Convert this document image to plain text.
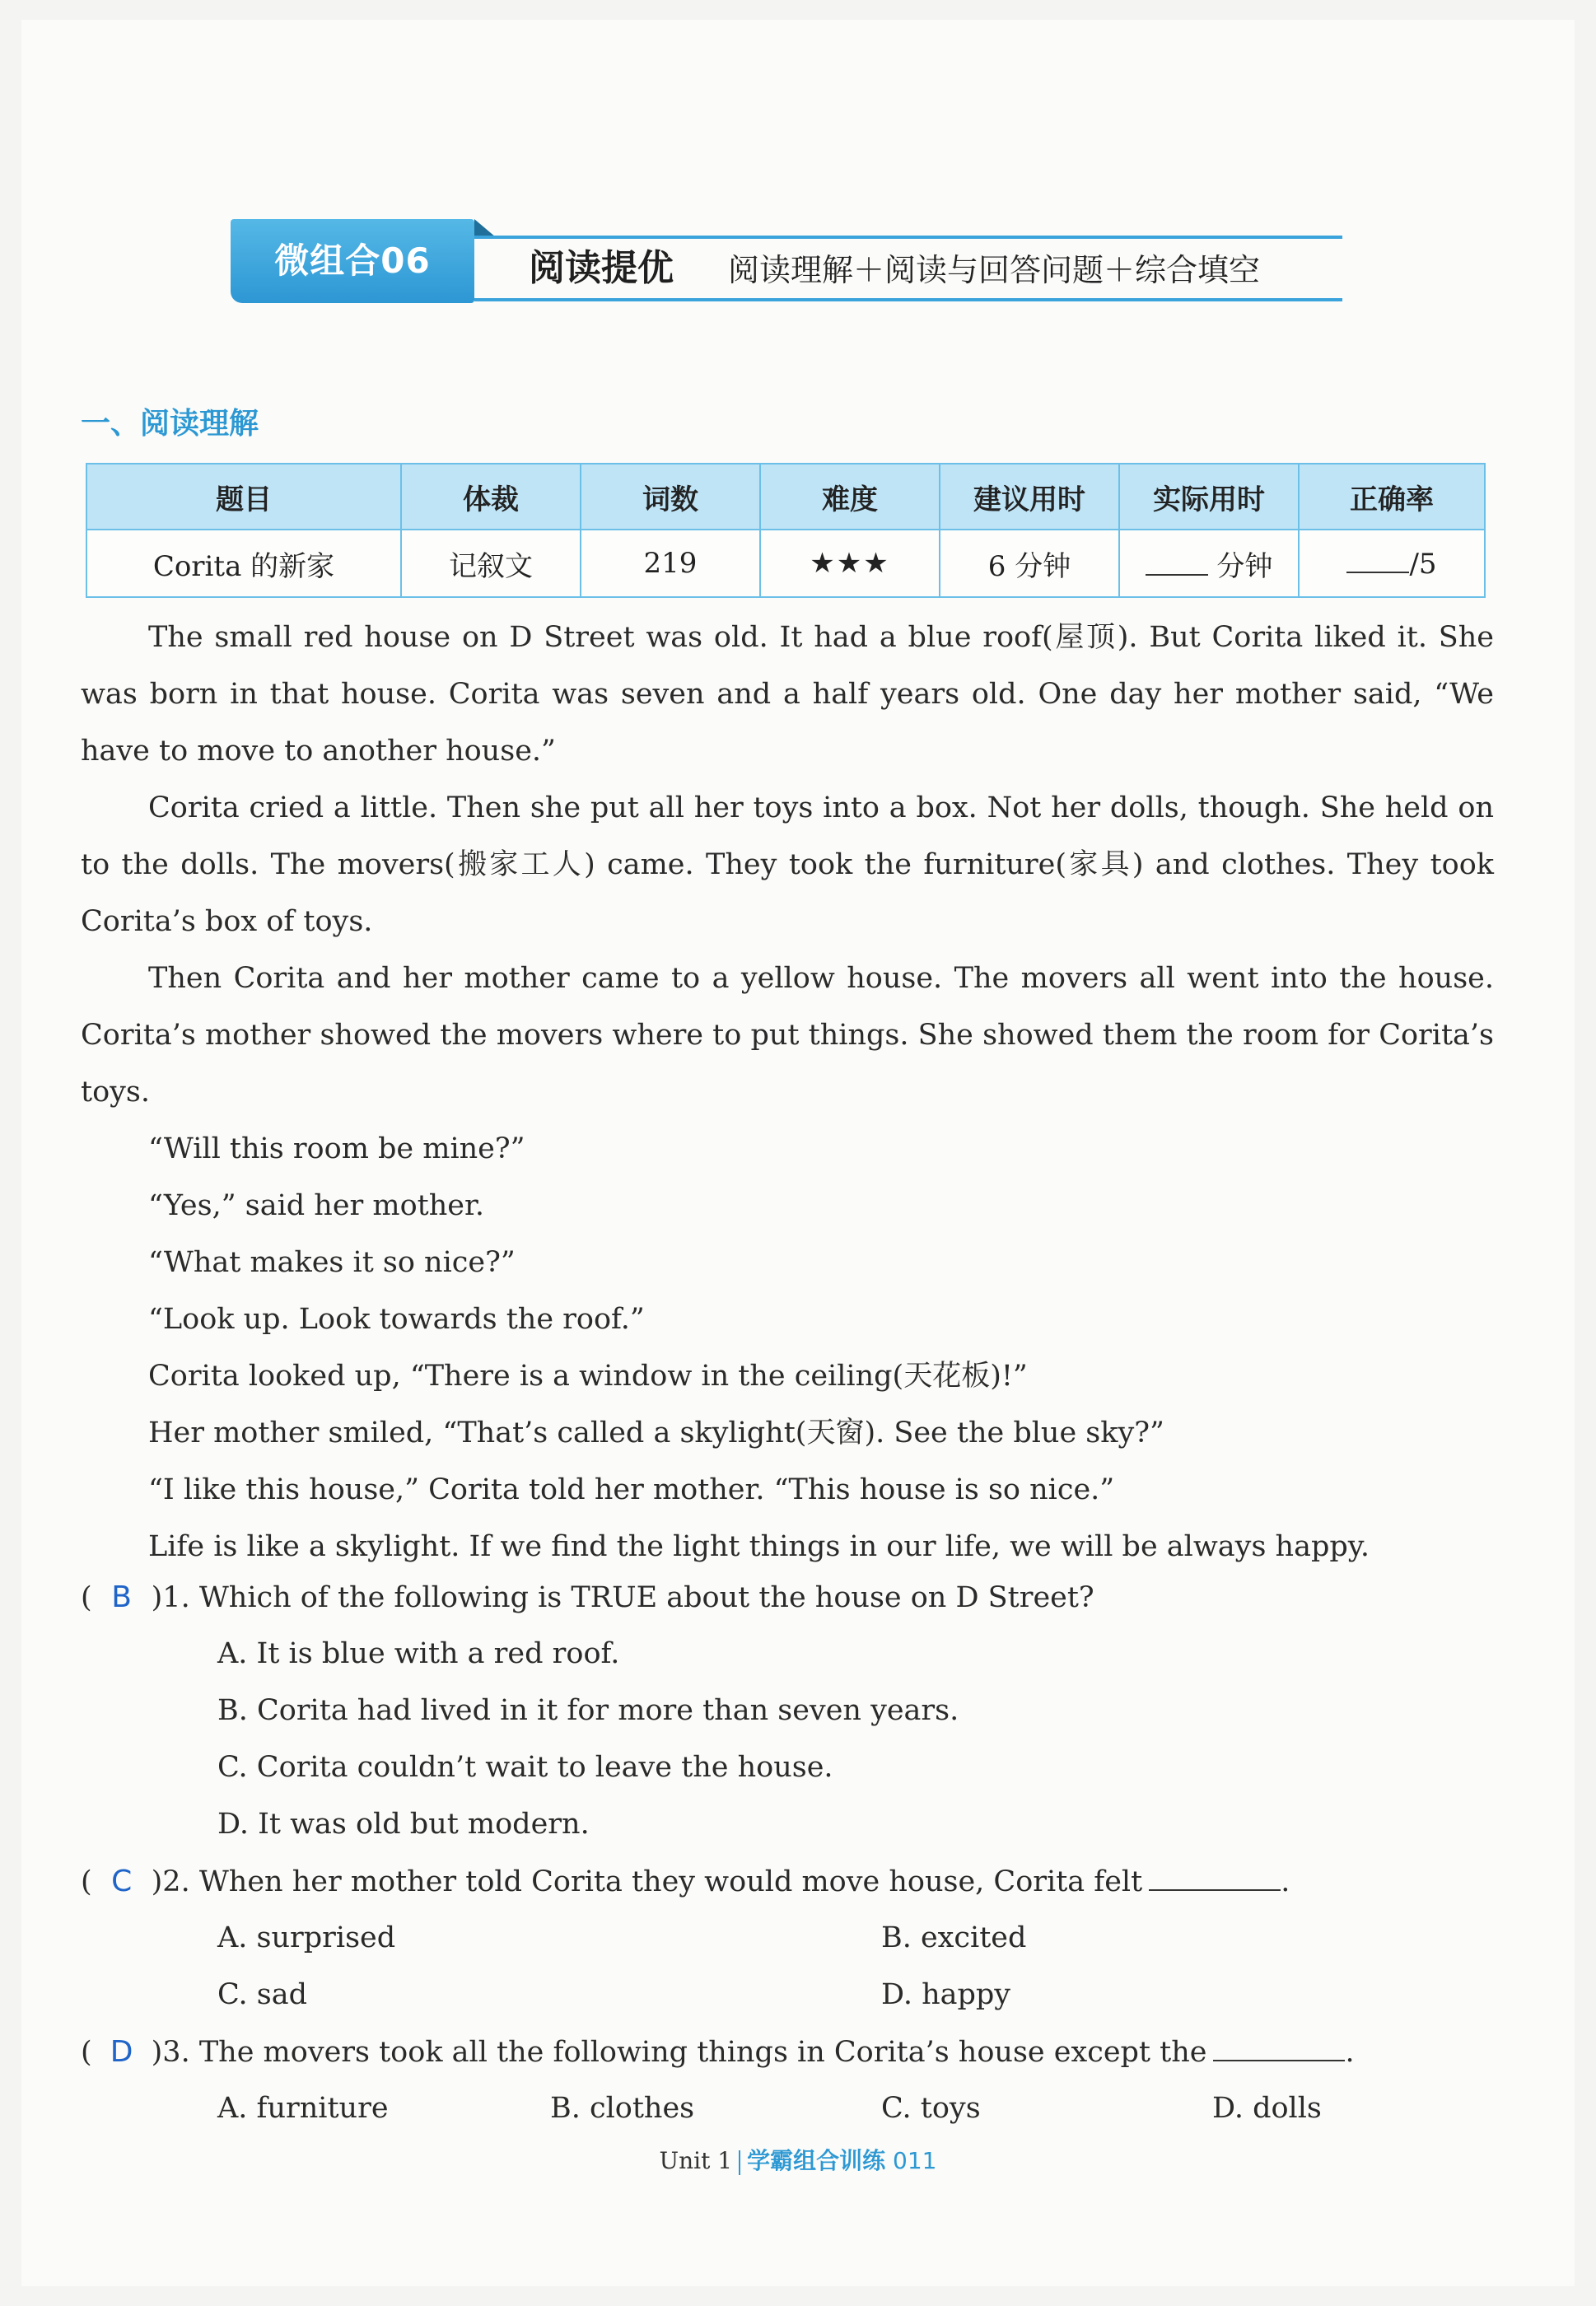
微组合06	阅读提优 阅读理解＋阅读与回答问题＋综合填空
一、阅读理解
题目	体裁	词数	难度	建议用时	实际用时	正确率
Corita 的新家	记叙文	219	★★★	6 分钟	分钟	/5

The small red house on D Street was old. It had a blue roof(屋顶). But Corita liked it. She was born in that house. Corita was seven and a half years old. One day her mother said, “We have to move to another house.”

Corita cried a little. Then she put all her toys into a box. Not her dolls, though. She held on to the dolls. The movers(搬家工人) came. They took the furniture(家具) and clothes. They took Corita’s box of toys.

Then Corita and her mother came to a yellow house. The movers all went into the house. Corita’s mother showed the movers where to put things. She showed them the room for Corita’s toys.

“Will this room be mine?”

“Yes,” said her mother.

“What makes it so nice?”

“Look up. Look towards the roof.”

Corita looked up, “There is a window in the ceiling(天花板)!”

Her mother smiled, “That’s called a skylight(天窗). See the blue sky?”

“I like this house,” Corita told her mother. “This house is so nice.”

Life is like a skylight. If we find the light things in our life, we will be always happy.

( B )1. Which of the following is TRUE about the house on D Street?
A. It is blue with a red roof.
B. Corita had lived in it for more than seven years.
C. Corita couldn’t wait to leave the house.
D. It was old but modern.
( C )2. When her mother told Corita they would move house, Corita felt	.
A. surprised	B. excited
C. sad	D. happy
( D )3. The movers took all the following things in Corita’s house except the	.
A. furniture	B. clothes	C. toys	D. dolls
Unit 1 学霸组合训练 011
